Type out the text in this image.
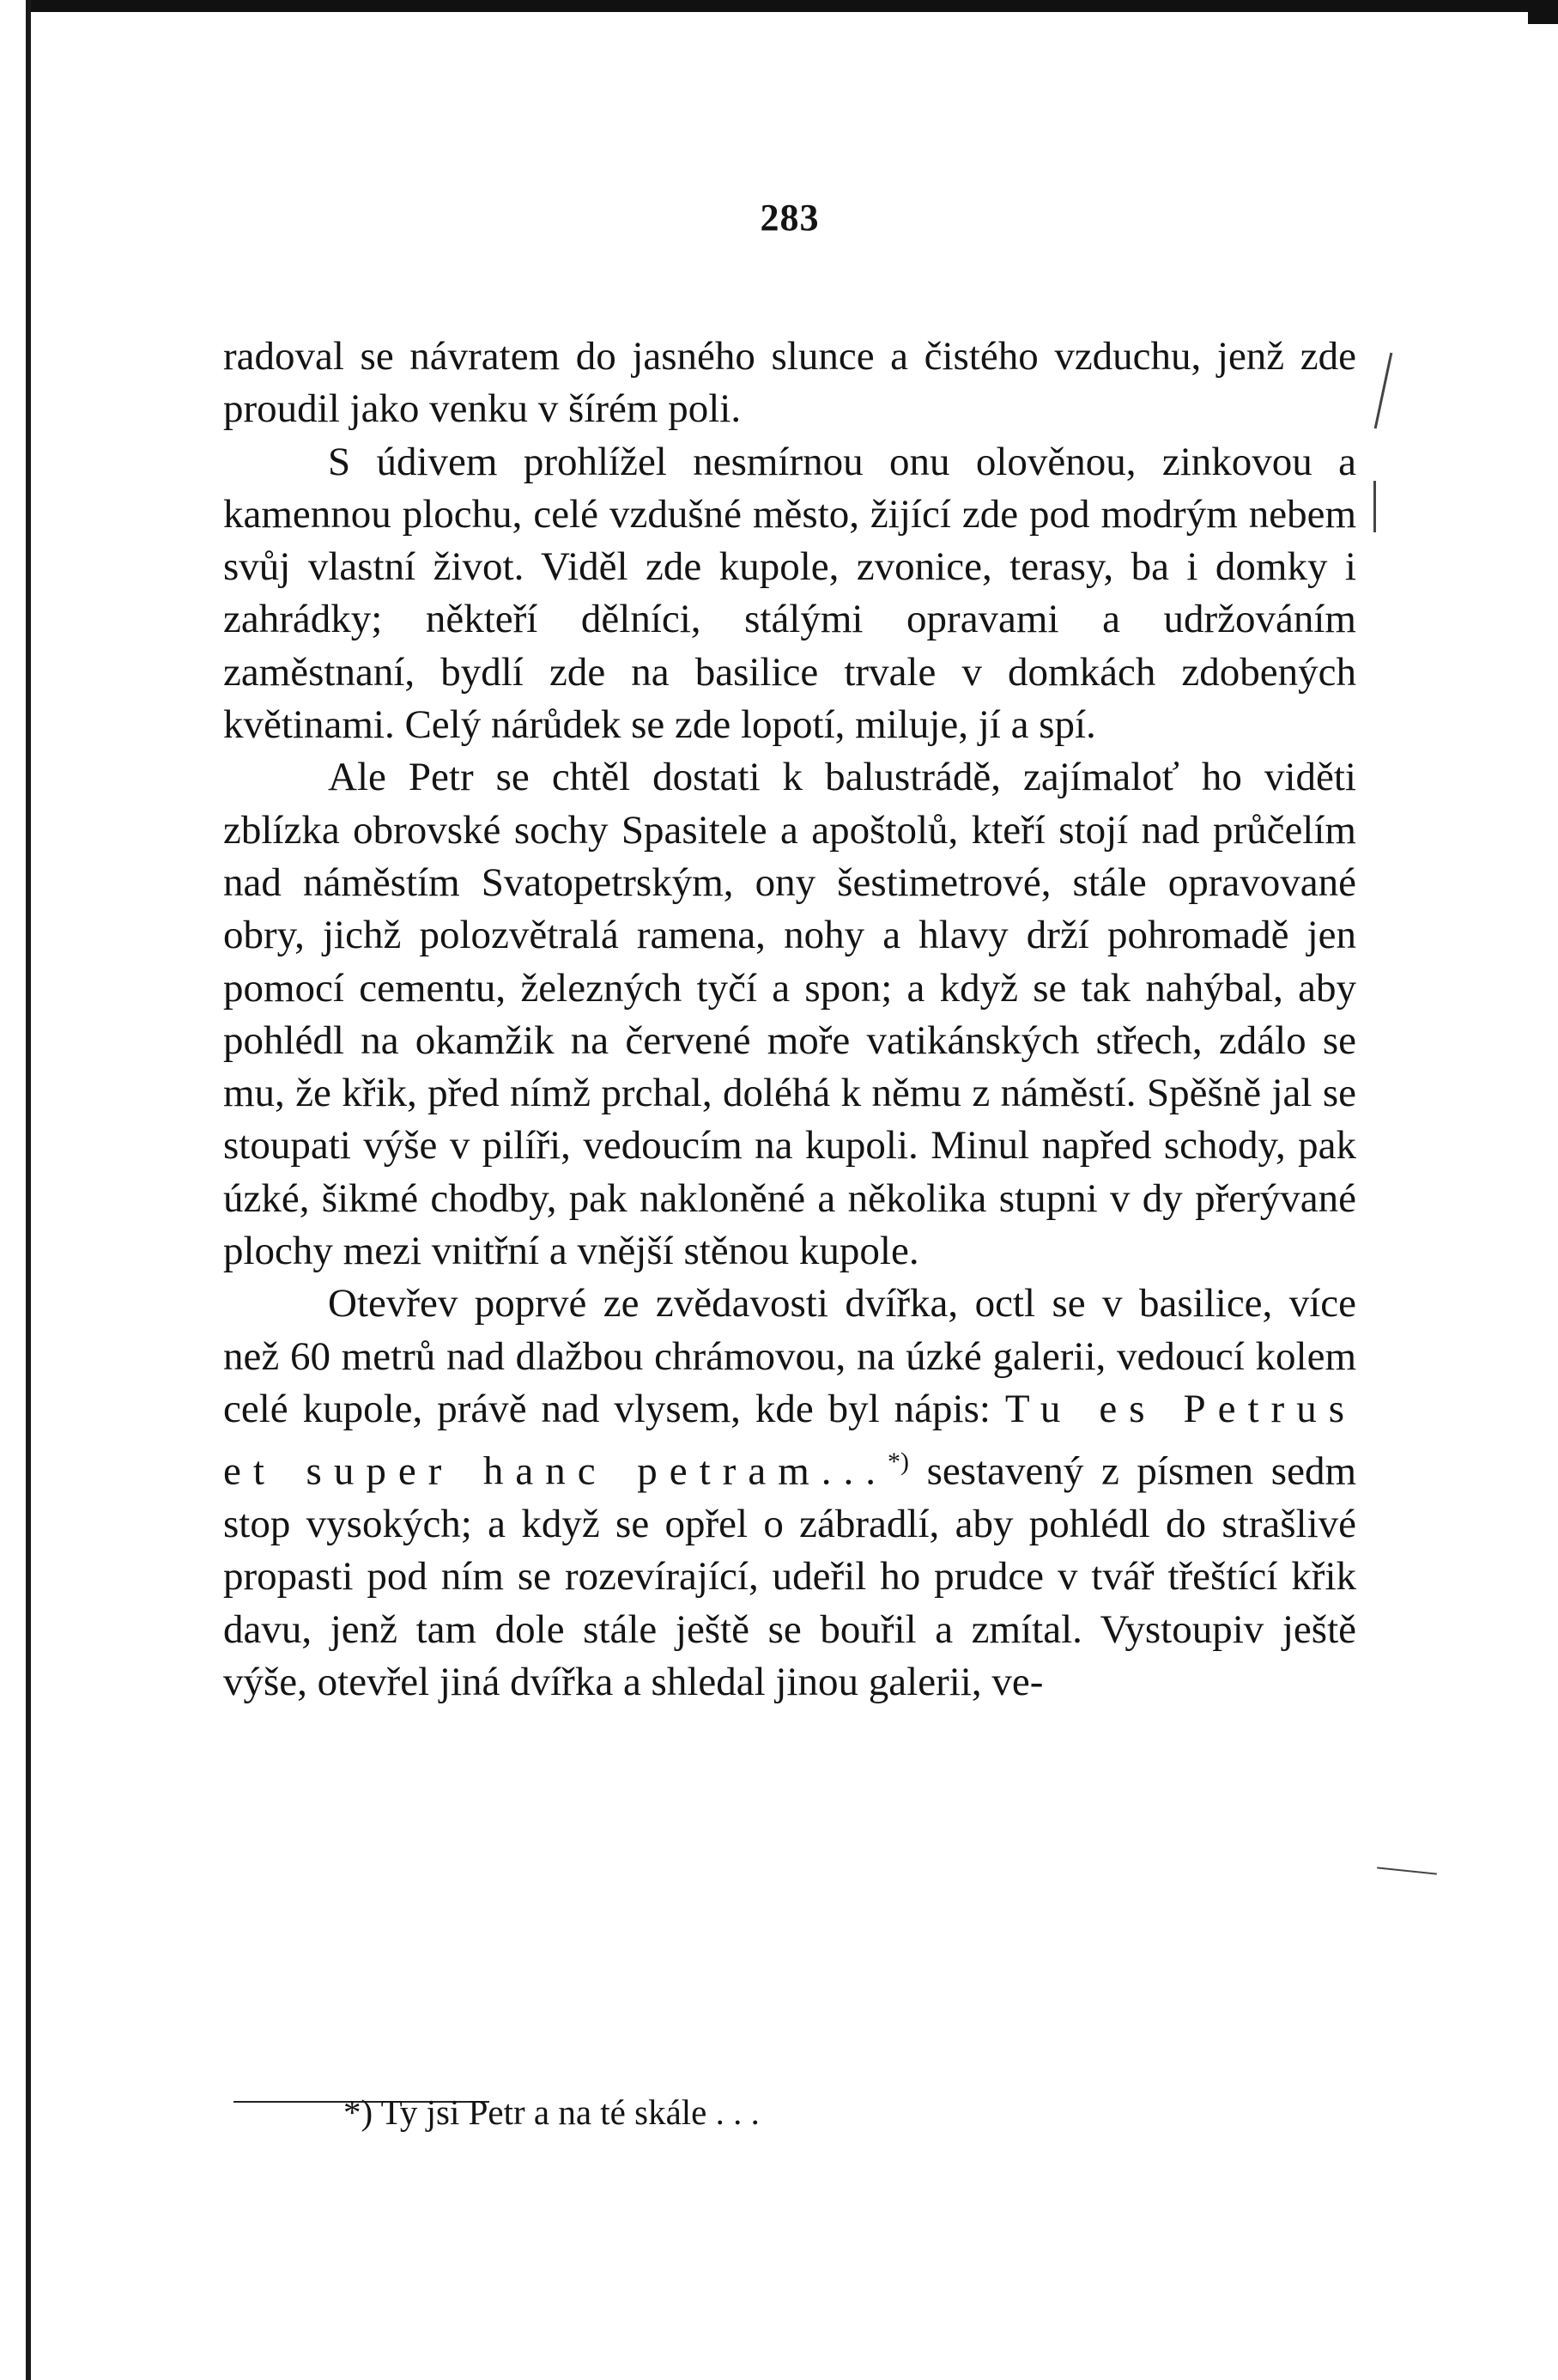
283

radoval se návratem do jasného slunce a čistého vzduchu, jenž zde proudil jako venku v šírém poli.

S údivem prohlížel nesmírnou onu olověnou, zinkovou a kamennou plochu, celé vzdušné město, žijící zde pod modrým nebem svůj vlastní život. Viděl zde kupole, zvonice, terasy, ba i domky i zahrádky; někteří dělníci, stálými opravami a udržováním zaměstnaní, bydlí zde na basilice trvale v domkách zdobených květinami. Celý nárůdek se zde lopotí, miluje, jí a spí.

Ale Petr se chtěl dostati k balustrádě, zajímaloť ho viděti zblízka obrovské sochy Spasitele a apoštolů, kteří stojí nad průčelím nad náměstím Svatopetrským, ony šestimetrové, stále opravované obry, jichž polozvětralá ramena, nohy a hlavy drží pohromadě jen pomocí cementu, železných tyčí a spon; a když se tak nahýbal, aby pohlédl na okamžik na červené moře vatikánských střech, zdálo se mu, že křik, před nímž prchal, doléhá k němu z náměstí. Spěšně jal se stoupati výše v pilíři, vedoucím na kupoli. Minul napřed schody, pak úzké, šikmé chodby, pak nakloněné a několika stupni v dy přerývané plochy mezi vnitřní a vnější stěnou kupole.

Otevřev poprvé ze zvědavosti dvířka, octl se v basilice, více než 60 metrů nad dlažbou chrámovou, na úzké galerii, vedoucí kolem celé kupole, právě nad vlysem, kde byl nápis: Tu es Petrus et super hanc petram...*) sestavený z písmen sedm stop vysokých; a když se opřel o zábradlí, aby pohlédl do strašlivé propasti pod ním se rozevírající, udeřil ho prudce v tvář třeštící křik davu, jenž tam dole stále ještě se bouřil a zmítal. Vystoupiv ještě výše, otevřel jiná dvířka a shledal jinou galerii, ve-

*) Ty jsi Petr a na té skále . . .
